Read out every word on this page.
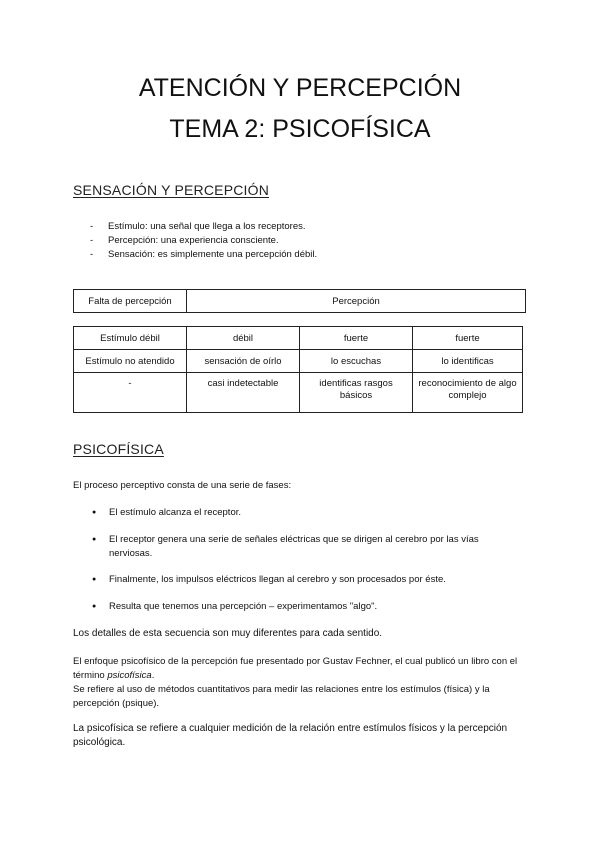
ATENCIÓN Y PERCEPCIÓN
TEMA 2: PSICOFÍSICA
SENSACIÓN Y PERCEPCIÓN
- Estímulo: una señal que llega a los receptores.
- Percepción: una experiencia consciente.
- Sensación: es simplemente una percepción débil.
Falta de percepción	Percepción
Estímulo débil	débil	fuerte	fuerte
Estímulo no atendido	sensación de oírlo	lo escuchas	lo identificas
-	casi indetectable	identificas rasgos básicos	reconocimiento de algo complejo
PSICOFÍSICA

El proceso perceptivo consta de una serie de fases:

● El estímulo alcanza el receptor.
● El receptor genera una serie de señales eléctricas que se dirigen al cerebro por las vías nerviosas.
● Finalmente, los impulsos eléctricos llegan al cerebro y son procesados por éste.
● Resulta que tenemos una percepción – experimentamos "algo".

Los detalles de esta secuencia son muy diferentes para cada sentido.

El enfoque psicofísico de la percepción fue presentado por Gustav Fechner, el cual publicó un libro con el término psicofísica.
Se refiere al uso de métodos cuantitativos para medir las relaciones entre los estímulos (física) y la percepción (psique).

La psicofísica se refiere a cualquier medición de la relación entre estímulos físicos y la percepción psicológica.
